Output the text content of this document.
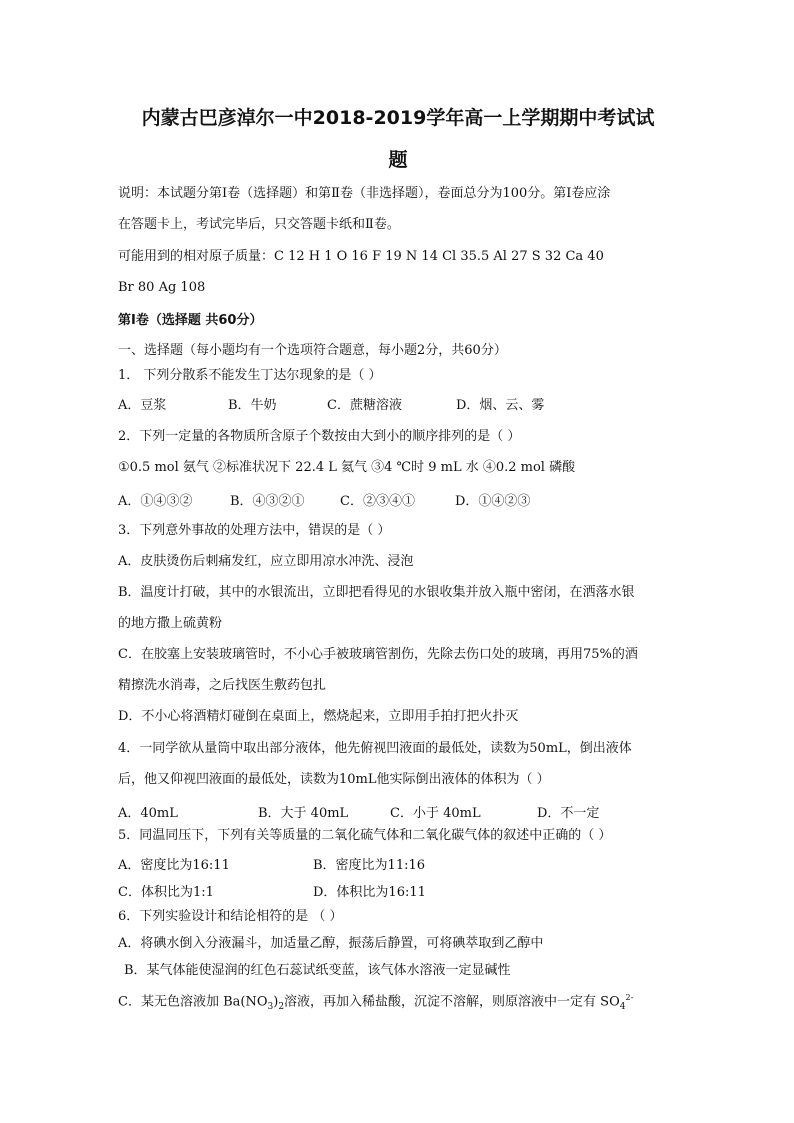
内蒙古巴彦淖尔一中2018-2019学年高一上学期期中考试试
题
说明：本试题分第Ⅰ卷（选择题）和第Ⅱ卷（非选择题），卷面总分为100分。第Ⅰ卷应涂
在答题卡上，考试完毕后，只交答题卡纸和Ⅱ卷。
可能用到的相对原子质量：C 12 H 1 O 16 F 19 N 14 Cl 35.5 Al 27 S 32 Ca 40
Br 80 Ag 108
第Ⅰ卷（选择题 共60分）
一、选择题（每小题均有一个选项符合题意，每小题2分，共60分）
1． 下列分散系不能发生丁达尔现象的是（ ）
A．豆浆	B．牛奶	C．蔗糖溶液	D．烟、云、雾
2．下列一定量的各物质所含原子个数按由大到小的顺序排列的是（ ）
①0.5 mol 氨气 ②标准状况下 22.4 L 氦气 ③4 ℃时 9 mL 水 ④0.2 mol 磷酸
A．①④③②	B．④③②①	C．②③④①	D．①④②③
3．下列意外事故的处理方法中，错误的是（ ）
A．皮肤烫伤后刺痛发红，应立即用凉水冲洗、浸泡
B．温度计打破，其中的水银流出，立即把看得见的水银收集并放入瓶中密闭，在洒落水银
的地方撒上硫黄粉
C．在胶塞上安装玻璃管时，不小心手被玻璃管割伤，先除去伤口处的玻璃，再用75%的酒
精擦洗水消毒，之后找医生敷药包扎
D．不小心将酒精灯碰倒在桌面上，燃烧起来，立即用手拍打把火扑灭
4．一同学欲从量筒中取出部分液体，他先俯视凹液面的最低处，读数为50mL，倒出液体
后，他又仰视凹液面的最低处，读数为10mL他实际倒出液体的体积为（ ）
A．40mL	B．大于 40mL	C．小于 40mL	D．不一定
5．同温同压下，下列有关等质量的二氧化硫气体和二氧化碳气体的叙述中正确的（ ）
A．密度比为16:11	B．密度比为11:16
C．体积比为1:1	D．体积比为16:11
6．下列实验设计和结论相符的是 （ ）
A．将碘水倒入分液漏斗，加适量乙醇，振荡后静置，可将碘萃取到乙醇中
B．某气体能使湿润的红色石蕊试纸变蓝，该气体水溶液一定显碱性
C．某无色溶液加 $Ba(NO_3)_2$溶液，再加入稀盐酸，沉淀不溶解，则原溶液中一定有 $SO_4^{2-}$
